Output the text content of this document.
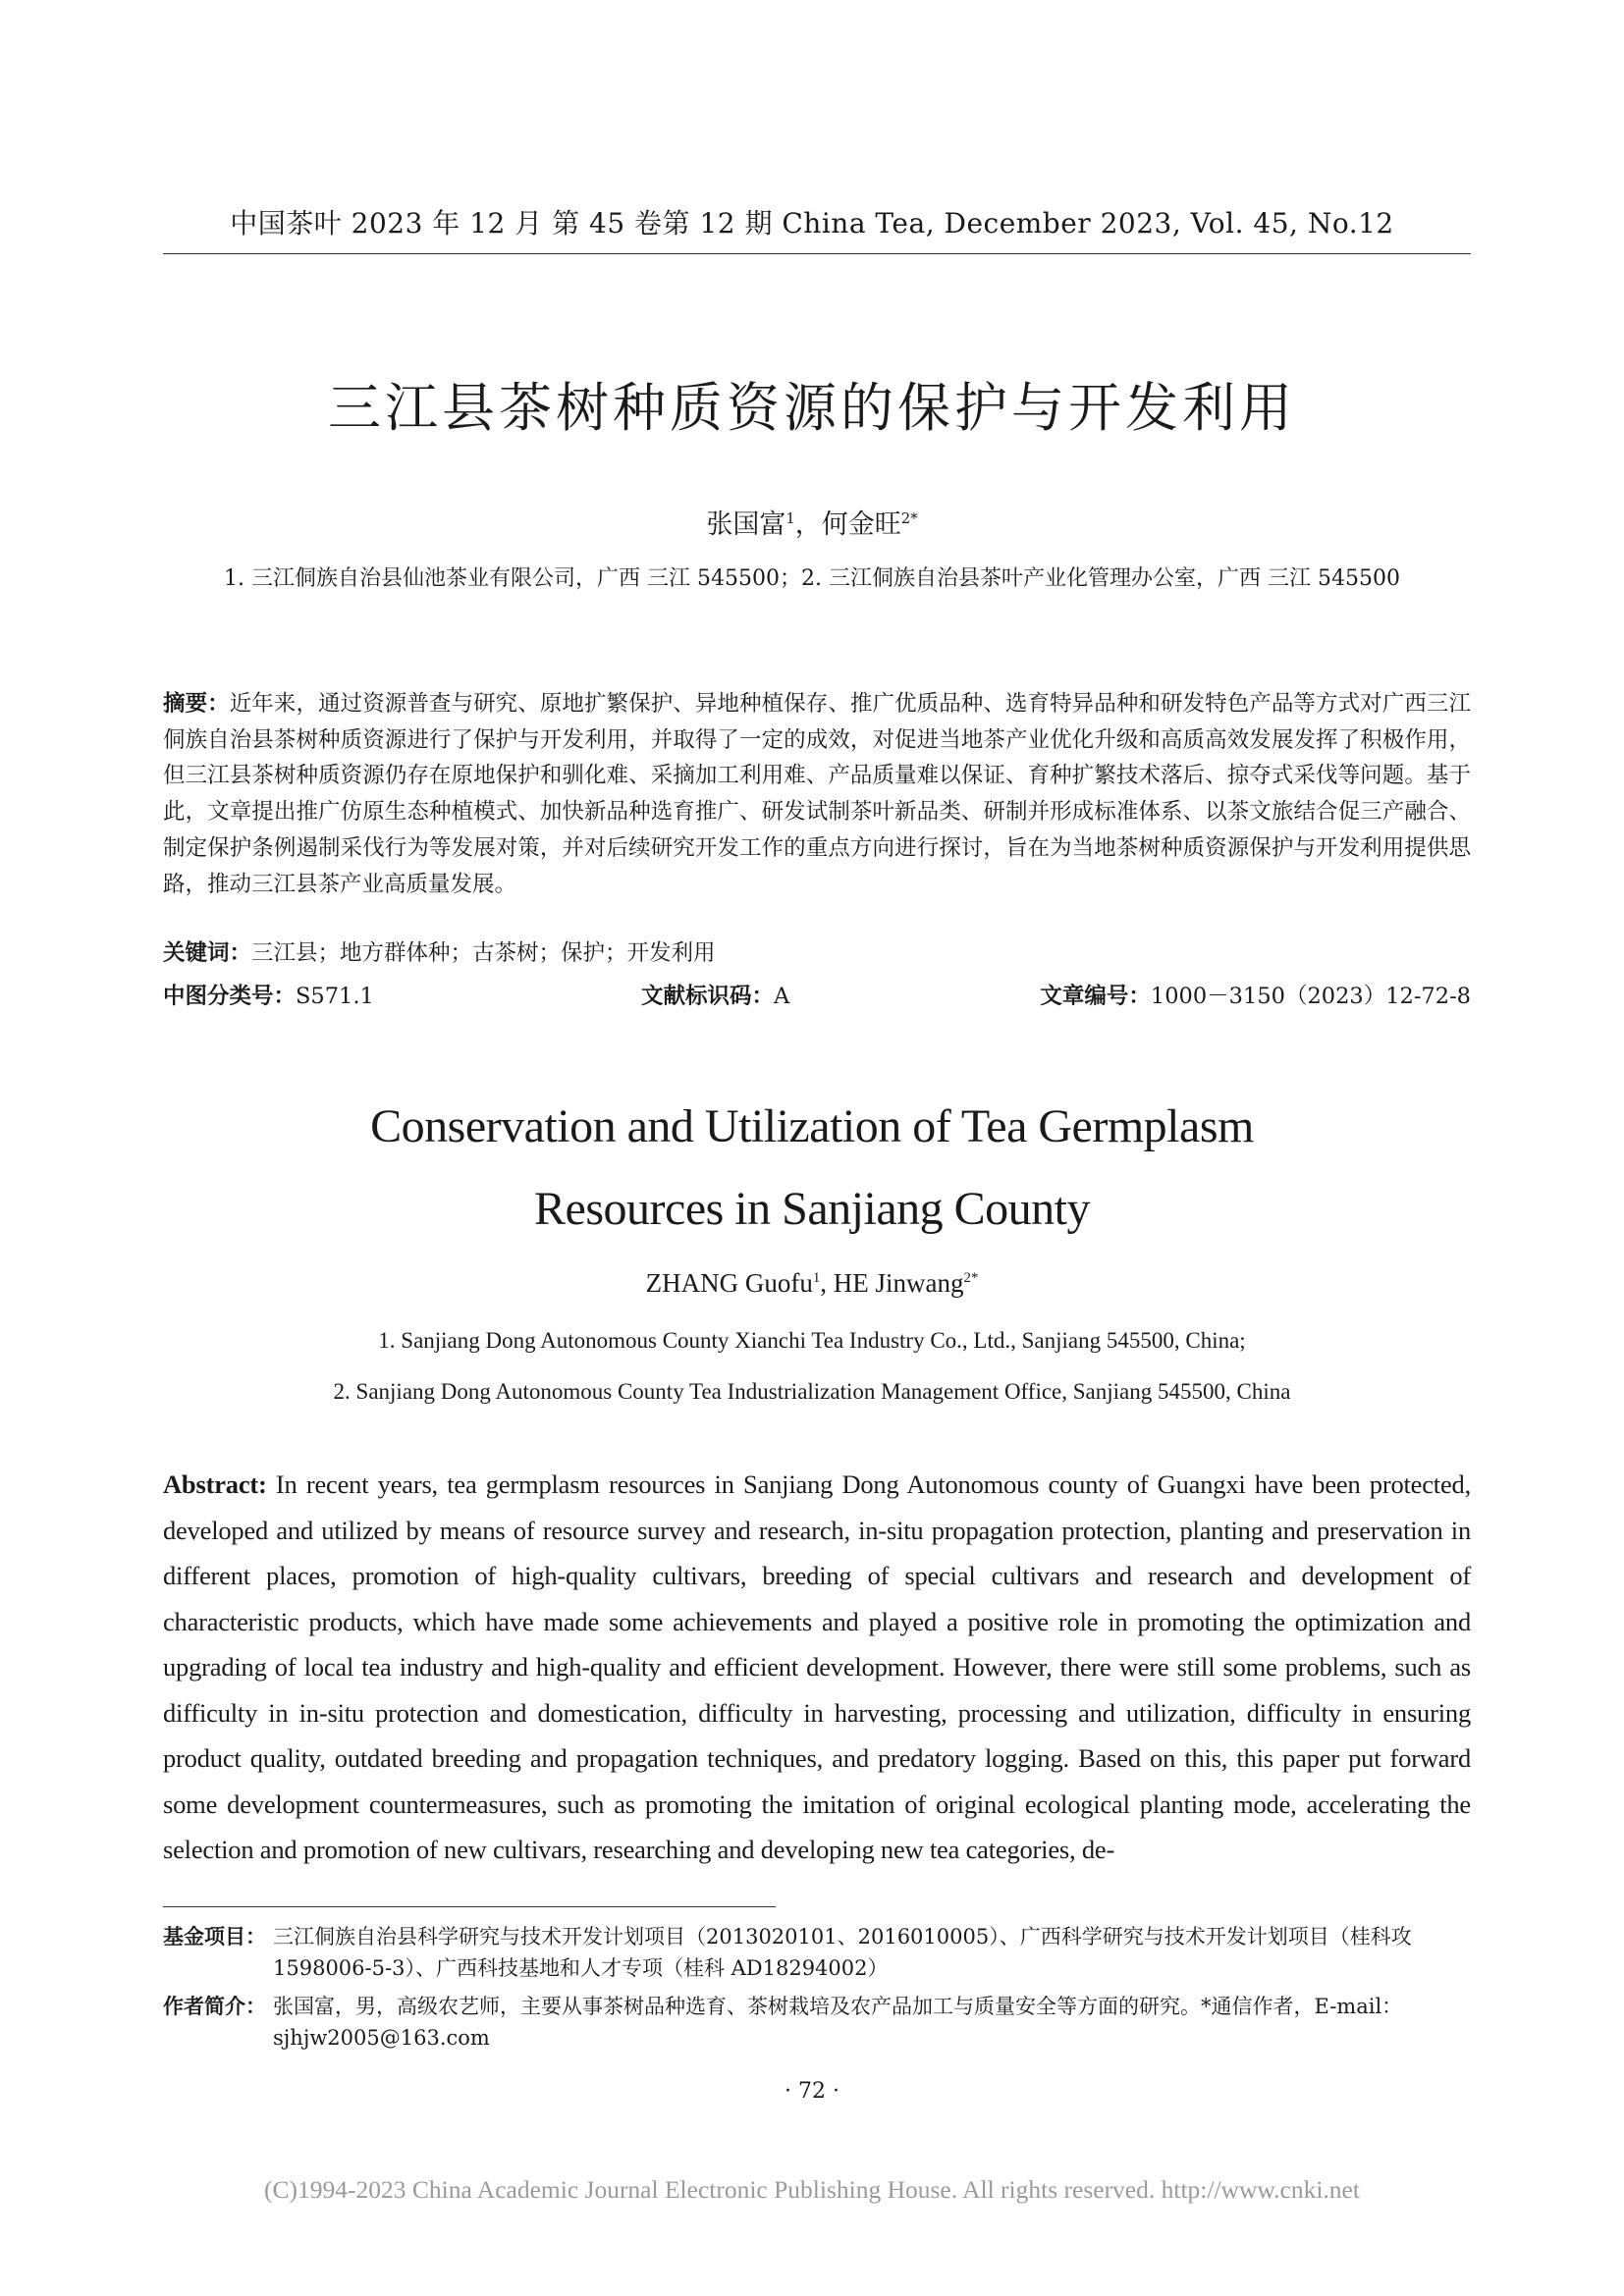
中国茶叶 2023 年 12 月 第 45 卷第 12 期 China Tea, December 2023, Vol. 45, No.12
三江县茶树种质资源的保护与开发利用
张国富$^1$，何金旺$^{2*}$
1. 三江侗族自治县仙池茶业有限公司，广西 三江 545500；2. 三江侗族自治县茶叶产业化管理办公室，广西 三江 545500
摘要：近年来，通过资源普查与研究、原地扩繁保护、异地种植保存、推广优质品种、选育特异品种和研发特色产品等方式对广西三江侗族自治县茶树种质资源进行了保护与开发利用，并取得了一定的成效，对促进当地茶产业优化升级和高质高效发展发挥了积极作用，但三江县茶树种质资源仍存在原地保护和驯化难、采摘加工利用难、产品质量难以保证、育种扩繁技术落后、掠夺式采伐等问题。基于此，文章提出推广仿原生态种植模式、加快新品种选育推广、研发试制茶叶新品类、研制并形成标准体系、以茶文旅结合促三产融合、制定保护条例遏制采伐行为等发展对策，并对后续研究开发工作的重点方向进行探讨，旨在为当地茶树种质资源保护与开发利用提供思路，推动三江县茶产业高质量发展。
关键词：三江县；地方群体种；古茶树；保护；开发利用
中图分类号：S571.1	文献标识码：A	文章编号：1000－3150（2023）12-72-8
Conservation and Utilization of Tea Germplasm
Resources in Sanjiang County
ZHANG Guofu$^1$, HE Jinwang$^{2*}$
1. Sanjiang Dong Autonomous County Xianchi Tea Industry Co., Ltd., Sanjiang 545500, China;
2. Sanjiang Dong Autonomous County Tea Industrialization Management Office, Sanjiang 545500, China
Abstract: In recent years, tea germplasm resources in Sanjiang Dong Autonomous county of Guangxi have been protected, developed and utilized by means of resource survey and research, in-situ propagation protection, planting and preservation in different places, promotion of high-quality cultivars, breeding of special cultivars and research and development of characteristic products, which have made some achievements and played a positive role in promoting the optimization and upgrading of local tea industry and high-quality and efficient development. However, there were still some problems, such as difficulty in in-situ protection and domestication, difficulty in harvesting, processing and utilization, difficulty in ensuring product quality, outdated breeding and propagation techniques, and predatory logging. Based on this, this paper put forward some development countermeasures, such as promoting the imitation of original ecological planting mode, accelerating the selection and promotion of new cultivars, researching and developing new tea categories, de-
基金项目： 三江侗族自治县科学研究与技术开发计划项目（2013020101、2016010005）、广西科学研究与技术开发计划项目（桂科攻 1598006-5-3）、广西科技基地和人才专项（桂科 AD18294002）
作者简介： 张国富，男，高级农艺师，主要从事茶树品种选育、茶树栽培及农产品加工与质量安全等方面的研究。*通信作者，E-mail：sjhjw2005@163.com
· 72 ·
(C)1994-2023 China Academic Journal Electronic Publishing House. All rights reserved. http://www.cnki.net
